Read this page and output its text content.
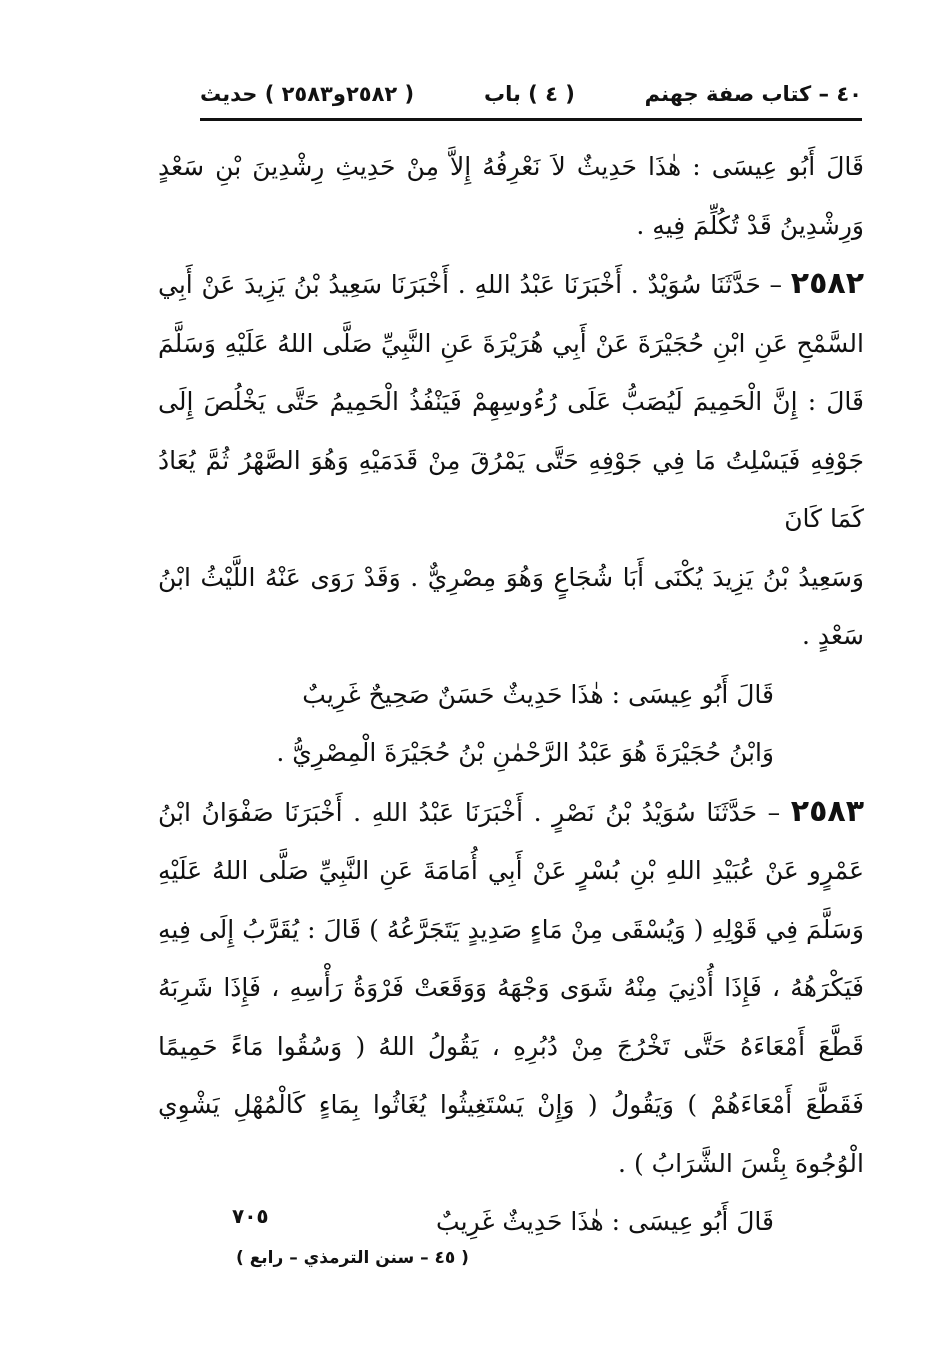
٤٠ – كتاب صفة جهنم
( ٤ ) باب
( ٢٥٨٢و٢٥٨٣ ) حديث

قَالَ أَبُو عِيسَى : هٰذَا حَدِيثٌ لاَ نَعْرِفُهُ إِلاَّ مِنْ حَدِيثِ رِشْدِينَ بْنِ سَعْدٍ وَرِشْدِينُ قَدْ تُكُلِّمَ فِيهِ .

٢٥٨٢ – حَدَّثَنَا سُوَيْدٌ . أَخْبَرَنَا عَبْدُ اللهِ . أَخْبَرَنَا سَعِيدُ بْنُ يَزِيدَ عَنْ أَبِي السَّمْحِ عَنِ ابْنِ حُجَيْرَةَ عَنْ أَبِي هُرَيْرَةَ عَنِ النَّبِيِّ صَلَّى اللهُ عَلَيْهِ وَسَلَّمَ قَالَ : إِنَّ الْحَمِيمَ لَيُصَبُّ عَلَى رُءُوسِهِمْ فَيَنْفُذُ الْحَمِيمُ حَتَّى يَخْلُصَ إِلَى جَوْفِهِ فَيَسْلِتُ مَا فِي جَوْفِهِ حَتَّى يَمْرُقَ مِنْ قَدَمَيْهِ وَهُوَ الصَّهْرُ ثُمَّ يُعَادُ كَمَا كَانَ

وَسَعِيدُ بْنُ يَزِيدَ يُكْنَى أَبَا شُجَاعٍ وَهُوَ مِصْرِيٌّ . وَقَدْ رَوَى عَنْهُ اللَّيْثُ ابْنُ سَعْدٍ .

قَالَ أَبُو عِيسَى : هٰذَا حَدِيثٌ حَسَنٌ صَحِيحٌ غَرِيبٌ

وَابْنُ حُجَيْرَةَ هُوَ عَبْدُ الرَّحْمٰنِ بْنُ حُجَيْرَةَ الْمِصْرِيُّ .

٢٥٨٣ – حَدَّثَنَا سُوَيْدُ بْنُ نَصْرٍ . أَخْبَرَنَا عَبْدُ اللهِ . أَخْبَرَنَا صَفْوَانُ ابْنُ عَمْرٍو عَنْ عُبَيْدِ اللهِ بْنِ بُسْرٍ عَنْ أَبِي أُمَامَةَ عَنِ النَّبِيِّ صَلَّى اللهُ عَلَيْهِ وَسَلَّمَ فِي قَوْلِهِ ( وَيُسْقَى مِنْ مَاءٍ صَدِيدٍ يَتَجَرَّعُهُ ) قَالَ : يُقَرَّبُ إِلَى فِيهِ فَيَكْرَهُهُ ، فَإِذَا أُدْنِيَ مِنْهُ شَوَى وَجْهَهُ وَوَقَعَتْ فَرْوَةُ رَأْسِهِ ، فَإِذَا شَرِبَهُ قَطَّعَ أَمْعَاءَهُ حَتَّى تَخْرُجَ مِنْ دُبُرِهِ ، يَقُولُ اللهُ ( وَسُقُوا مَاءً حَمِيمًا فَقَطَّعَ أَمْعَاءَهُمْ ) وَيَقُولُ ( وَإِنْ يَسْتَغِيثُوا يُغَاثُوا بِمَاءٍ كَالْمُهْلِ يَشْوِي الْوُجُوهَ بِئْسَ الشَّرَابُ ) .

قَالَ أَبُو عِيسَى : هٰذَا حَدِيثٌ غَرِيبٌ

٧٠٥
( ٤٥ – سنن الترمذي – رابع )
